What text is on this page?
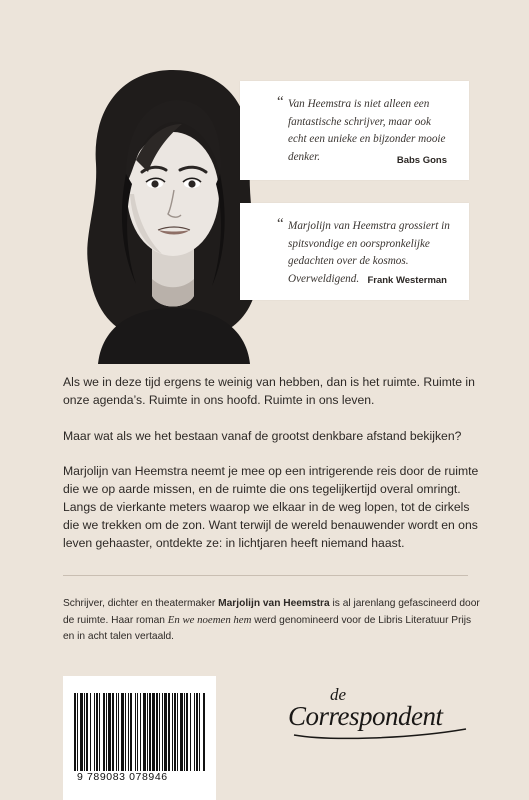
“ Van Heemstra is niet alleen een fantastische schrijver, maar ook echt een unieke en bijzonder mooie denker.	Babs Gons
“ Marjolijn van Heemstra grossiert in spitsvondige en oorspronkelijke gedachten over de kosmos. Overweldigend. Frank Westerman

Als we in deze tijd ergens te weinig van hebben, dan is het ruimte. Ruimte in onze agenda’s. Ruimte in ons hoofd. Ruimte in ons leven.

Maar wat als we het bestaan vanaf de grootst denkbare afstand bekijken?

Marjolijn van Heemstra neemt je mee op een intrigerende reis door de ruimte die we op aarde missen, en de ruimte die ons tegelijkertijd overal omringt. Langs de vierkante meters waarop we elkaar in de weg lopen, tot de cirkels die we trekken om de zon. Want terwijl de wereld benauwender wordt en ons leven gehaaster, ontdekte ze: in lichtjaren heeft niemand haast.

Schrijver, dichter en theatermaker Marjolijn van Heemstra is al jarenlang gefascineerd door de ruimte. Haar roman En we noemen hem werd genomineerd voor de Libris Literatuur Prijs en in acht talen vertaald.

9 789083 078946
de
Correspondent
